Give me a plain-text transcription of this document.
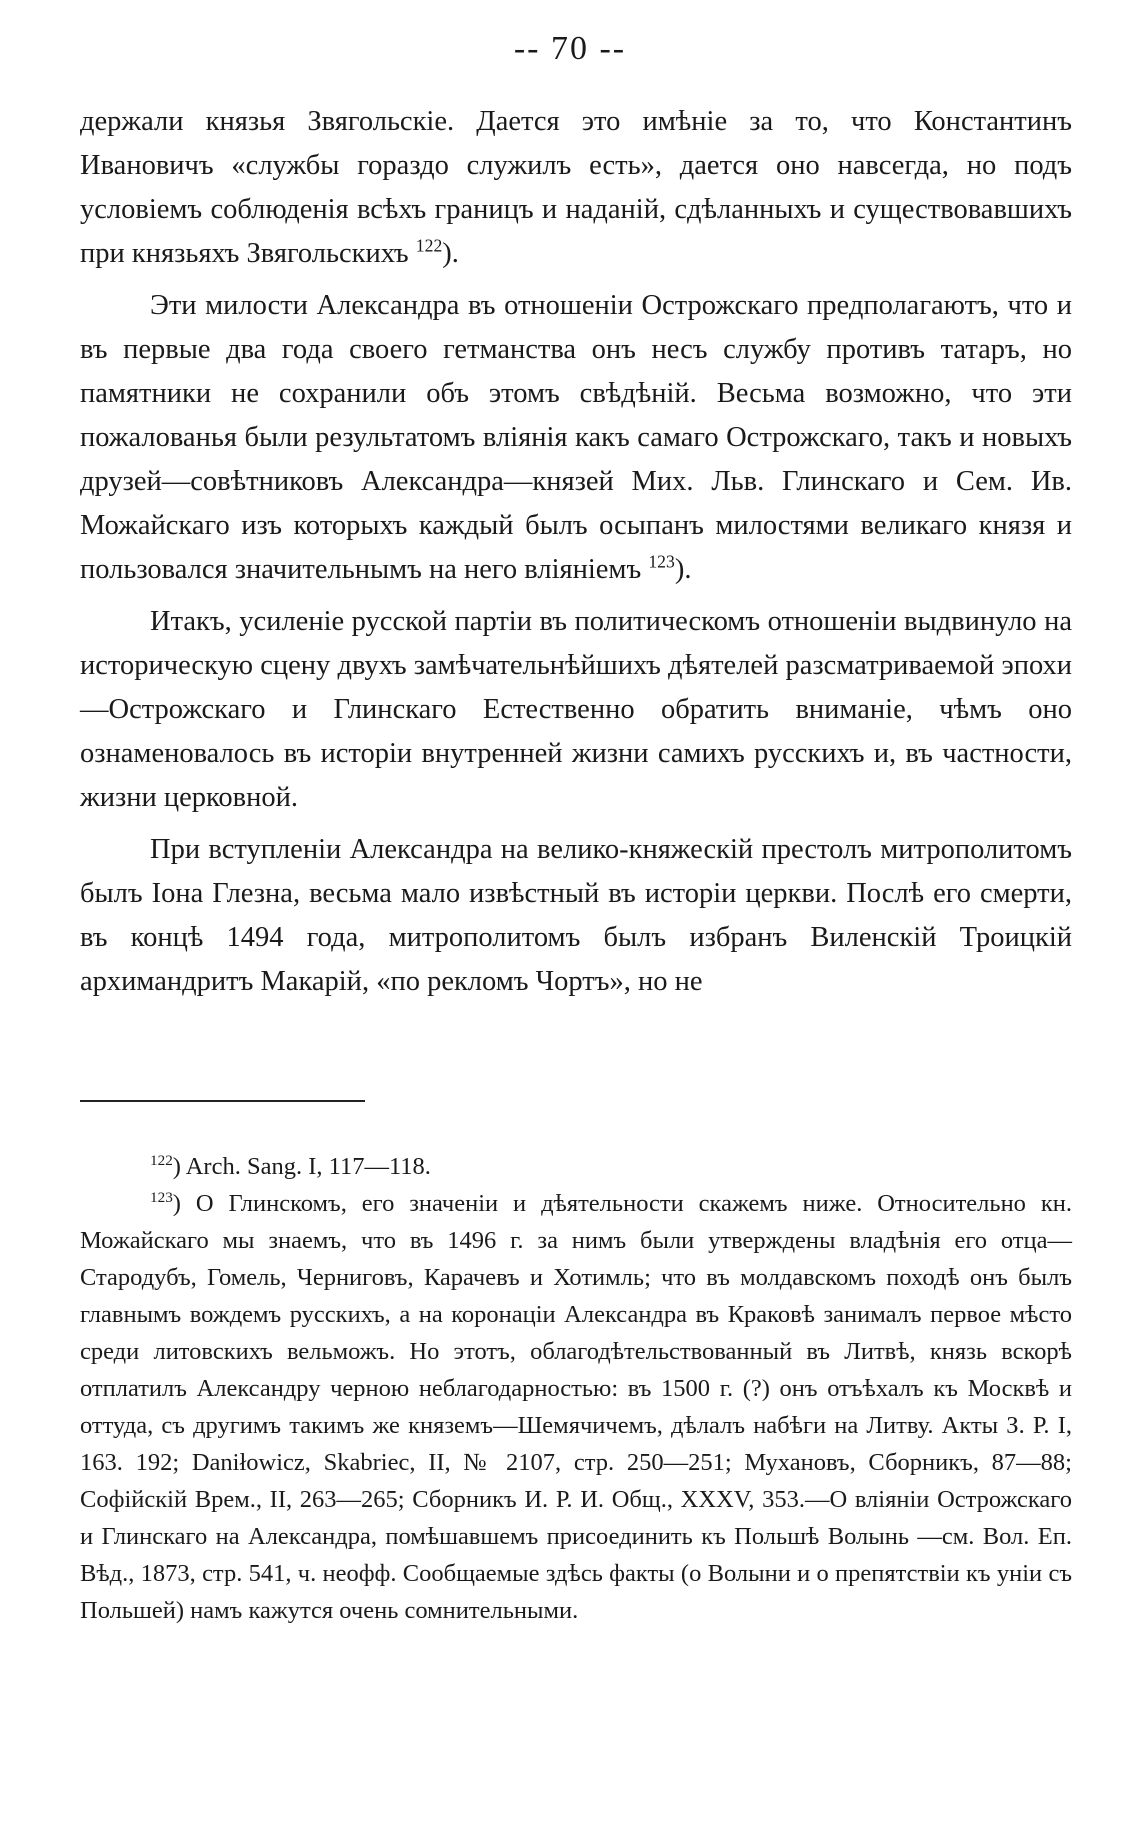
-- 70 --

держали князья Звягольскіе. Дается это имѣніе за то, что Константинъ Ивановичъ «службы гораздо служилъ есть», дается оно навсегда, но подъ условіемъ соблюденія всѣхъ границъ и наданій, сдѣланныхъ и существовавшихъ при князьяхъ Звягольскихъ $^{122}$).

Эти милости Александра въ отношеніи Острожскаго предполагаютъ, что и въ первые два года своего гетманства онъ несъ службу противъ татаръ, но памятники не сохранили объ этомъ свѣдѣній. Весьма возможно, что эти пожалованья были результатомъ вліянія какъ самаго Острожскаго, такъ и новыхъ друзей—совѣтниковъ Александра—князей Мих. Льв. Глинскаго и Сем. Ив. Можайскаго изъ которыхъ каждый былъ осыпанъ милостями великаго князя и пользовался значительнымъ на него вліяніемъ $^{123}$).

Итакъ, усиленіе русской партіи въ политическомъ отношеніи выдвинуло на историческую сцену двухъ замѣчательнѣйшихъ дѣятелей разсматриваемой эпохи—Острожскаго и Глинскаго Естественно обратить вниманіе, чѣмъ оно ознаменовалось въ исторіи внутренней жизни самихъ русскихъ и, въ частности, жизни церковной.

При вступленіи Александра на велико-княжескій престолъ митрополитомъ былъ Іона Глезна, весьма мало извѣстный въ исторіи церкви. Послѣ его смерти, въ концѣ 1494 года, митрополитомъ былъ избранъ Виленскій Троицкій архимандритъ Макарій, «по рекломъ Чортъ», но не

$^{122}$) Arch. Sang. I, 117—118.

$^{123}$) О Глинскомъ, его значеніи и дѣятельности скажемъ ниже. Относительно кн. Можайскаго мы знаемъ, что въ 1496 г. за нимъ были утверждены владѣнія его отца—Стародубъ, Гомель, Черниговъ, Карачевъ и Хотимль; что въ молдавскомъ походѣ онъ былъ главнымъ вождемъ русскихъ, а на коронаціи Александра въ Краковѣ занималъ первое мѣсто среди литовскихъ вельможъ. Но этотъ, облагодѣтельствованный въ Литвѣ, князь вскорѣ отплатилъ Александру черною неблагодарностью: въ 1500 г. (?) онъ отъѣхалъ къ Москвѣ и оттуда, съ другимъ такимъ же княземъ—Шемячичемъ, дѣлалъ набѣги на Литву. Акты З. Р. I, 163. 192; Daniłowicz, Skabriec, II, № 2107, стр. 250—251; Мухановъ, Сборникъ, 87—88; Софійскій Врем., II, 263—265; Сборникъ И. Р. И. Общ., XXXV, 353.—О вліяніи Острожскаго и Глинскаго на Александра, помѣшавшемъ присоединить къ Польшѣ Волынь —см. Вол. Еп. Вѣд., 1873, стр. 541, ч. неофф. Сообщаемые здѣсь факты (о Волыни и о препятствіи къ уніи съ Польшей) намъ кажутся очень сомнительными.
